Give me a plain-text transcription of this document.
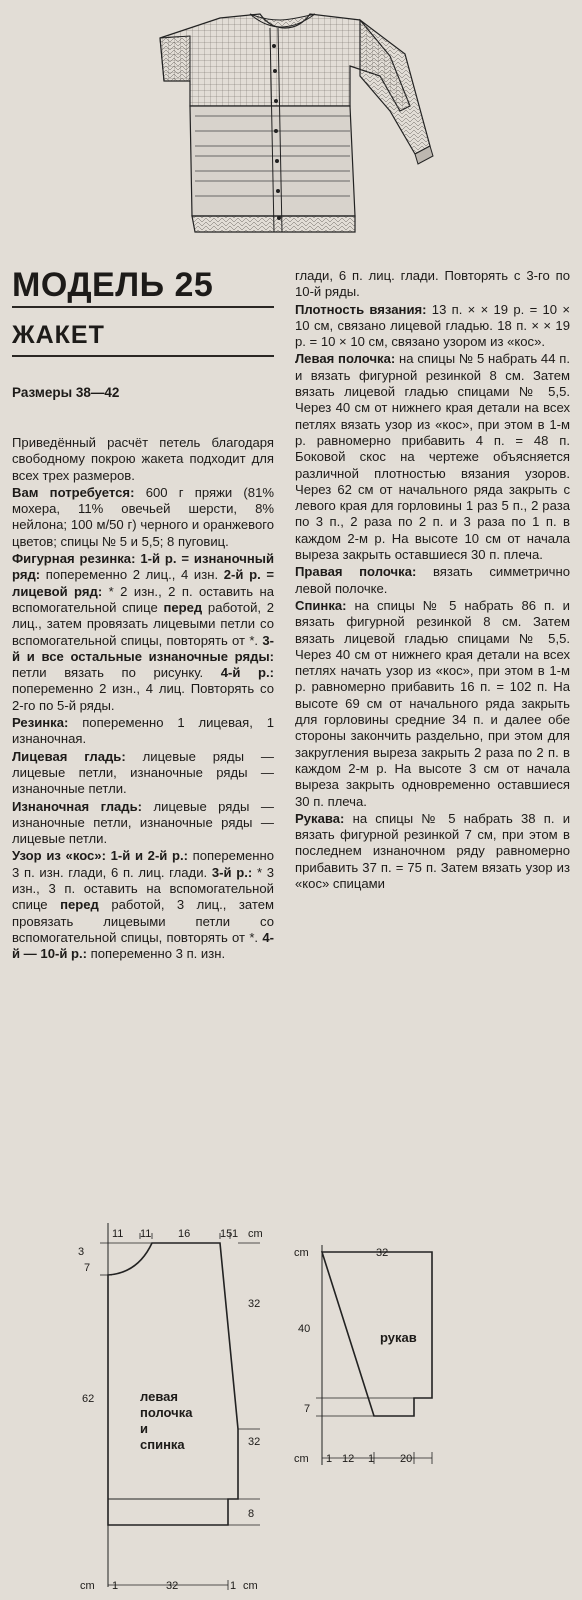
МОДЕЛЬ 25
ЖАКЕТ
Размеры 38—42

Приведённый расчёт петель благодаря свободному покрою жакета подходит для всех трех размеров.

Вам потребуется: 600 г пряжи (81% мохера, 11% овечьей шерсти, 8% нейлона; 100 м/50 г) черного и оранжевого цветов; спицы № 5 и 5,5; 8 пуговиц.

Фигурная резинка: 1-й р. = изнаночный ряд: попеременно 2 лиц., 4 изн. 2-й р. = лицевой ряд: * 2 изн., 2 п. оставить на вспомогательной спице перед работой, 2 лиц., затем провязать лицевыми петли со вспомогательной спицы, повторять от *. 3-й и все остальные изнаночные ряды: петли вязать по рисунку. 4-й р.: попеременно 2 изн., 4 лиц. Повторять со 2-го по 5-й ряды.

Резинка: попеременно 1 лицевая, 1 изнаночная.

Лицевая гладь: лицевые ряды — лицевые петли, изнаночные ряды — изнаночные петли.

Изнаночная гладь: лицевые ряды — изнаночные петли, изнаночные ряды — лицевые петли.

Узор из «кос»: 1-й и 2-й р.: попеременно 3 п. изн. глади, 6 п. лиц. глади. 3-й р.: * 3 изн., 3 п. оставить на вспомогательной спице перед работой, 3 лиц., затем провязать лицевыми петли со вспомогательной спицы, повторять от *. 4-й — 10-й р.: попеременно 3 п. изн.

глади, 6 п. лиц. глади. Повторять с 3-го по 10-й ряды.

Плотность вязания: 13 п. × × 19 р. = 10 × 10 см, связано лицевой гладью. 18 п. × × 19 р. = 10 × 10 см, связано узором из «кос».

Левая полочка: на спицы № 5 набрать 44 п. и вязать фигурной резинкой 8 см. Затем вязать лицевой гладью спицами № 5,5. Через 40 см от нижнего края детали на всех петлях вязать узор из «кос», при этом в 1-м р. равномерно прибавить 4 п. = 48 п. Боковой скос на чертеже объясняется различной плотностью вязания узоров. Через 62 см от начального ряда закрыть с левого края для горловины 1 раз 5 п., 2 раза по 3 п., 2 раза по 2 п. и 3 раза по 1 п. в каждом 2-м р. На высоте 10 см от начала выреза закрыть оставшиеся 30 п. плеча.

Правая полочка: вязать симметрично левой полочке.

Спинка: на спицы № 5 набрать 86 п. и вязать фигурной резинкой 8 см. Затем вязать лицевой гладью спицами № 5,5. Через 40 см от нижнего края детали на всех петлях начать узор из «кос», при этом в 1-м р. равномерно прибавить 16 п. = 102 п. На высоте 69 см от начального ряда закрыть для горловины средние 34 п. и далее обе стороны закончить раздельно, при этом для закругления выреза закрыть 2 раза по 2 п. в каждом 2-м р. На высоте 3 см от начала выреза закрыть одновременно оставшиеся 30 п. плеча.

Рукава: на спицы № 5 набрать 38 п. и вязать фигурной резинкой 7 см, при этом в последнем изнаночном ряду равномерно прибавить 37 п. = 75 п. Затем вязать узор из «кос» спицами

11 11 16	15 1 cm
3
7
62
32
32
8
cm 1	32	1 cm
левая
полочка
и
спинка
cm	32
40
7
cm 1 12 1 20
рукав
